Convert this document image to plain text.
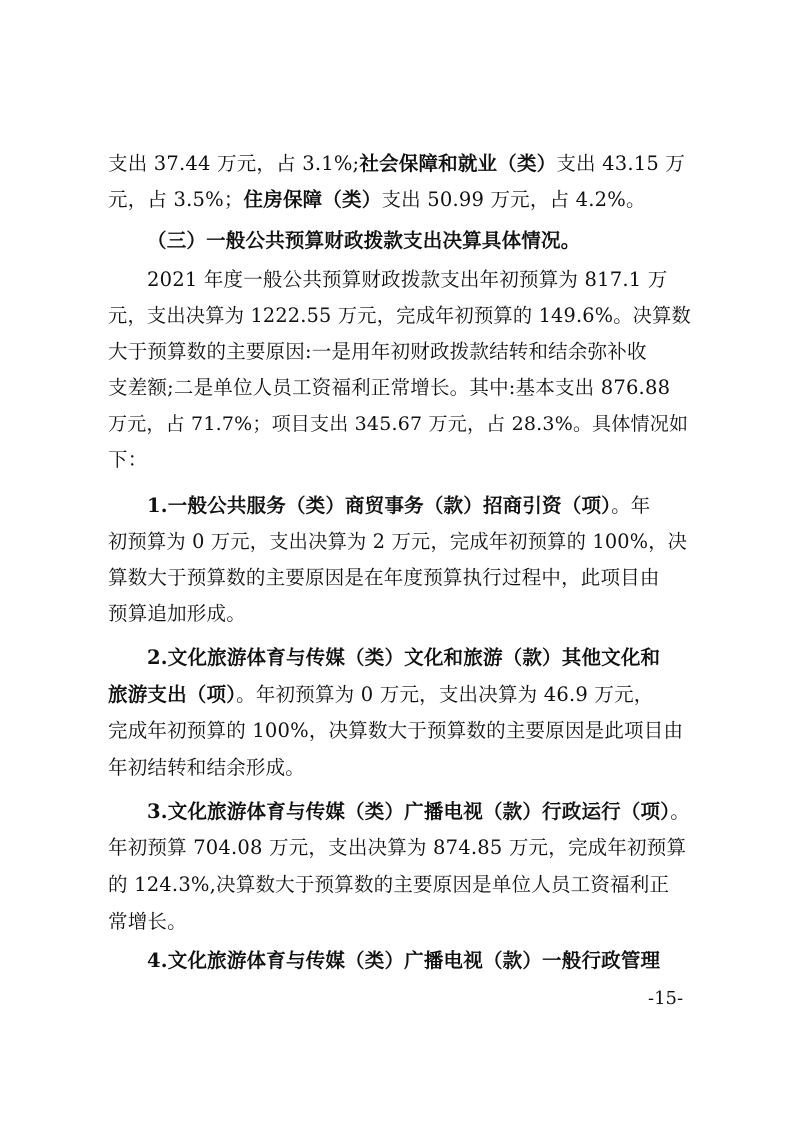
支出 37.44 万元，占 3.1%;社会保障和就业（类）支出 43.15 万
元，占 3.5%；住房保障（类）支出 50.99 万元，占 4.2%。
（三）一般公共预算财政拨款支出决算具体情况。
2021 年度一般公共预算财政拨款支出年初预算为 817.1 万
元，支出决算为 1222.55 万元，完成年初预算的 149.6%。决算数
大于预算数的主要原因:一是用年初财政拨款结转和结余弥补收
支差额;二是单位人员工资福利正常增长。其中:基本支出 876.88
万元，占 71.7%；项目支出 345.67 万元，占 28.3%。具体情况如
下：
1.一般公共服务（类）商贸事务（款）招商引资（项）。年
初预算为 0 万元，支出决算为 2 万元，完成年初预算的 100%，决
算数大于预算数的主要原因是在年度预算执行过程中，此项目由
预算追加形成。
2.文化旅游体育与传媒（类）文化和旅游（款）其他文化和
旅游支出（项）。年初预算为 0 万元，支出决算为 46.9 万元，
完成年初预算的 100%，决算数大于预算数的主要原因是此项目由
年初结转和结余形成。
3.文化旅游体育与传媒（类）广播电视（款）行政运行（项）。
年初预算 704.08 万元，支出决算为 874.85 万元，完成年初预算
的 124.3%,决算数大于预算数的主要原因是单位人员工资福利正
常增长。
4.文化旅游体育与传媒（类）广播电视（款）一般行政管理
-15-
